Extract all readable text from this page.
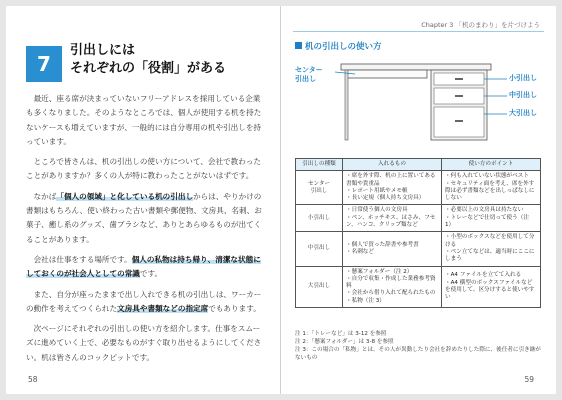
7
引出しには
それぞれの「役割」がある

最近、座る席が決まっていないフリーアドレスを採用している企業も多くなりました。そのようなところでは、個人が使用する机を持たないケースも増えていますが、一般的には自分専用の机や引出しを持っています。

ところで皆さんは、机の引出しの使い方について、会社で教わったことがありますか？多くの人が特に教わったことがないはずです。

なかば「個人の領域」と化している机の引出しからは、やりかけの書類はもちろん、使い終わった古い書類や郵便物、文房具、名刺、お菓子、癒し系のグッズ、歯ブラシなど、ありとあらゆるものが出てくることがあります。

会社は仕事をする場所です。個人の私物は持ち帰り、清潔な状態にしておくのが社会人としての常識です。

また、自分が座ったままで出し入れできる机の引出しは、ワーカーの動作を考えてつくられた文房具や書類などの指定席でもあります。

次ページにそれぞれの引出しの使い方を紹介します。仕事をスムーズに進めていく上で、必要なものがすぐ取り出せるようにしてください。机は皆さんのコックピットです。

58
Chapter 3 「机のまわり」を片づけよう
机の引出しの使い方
センター
引出し	小引出し
中引出し
大引出し
引出しの種類	入れるもの	使い方のポイント
センター
引出し	・席を外す際、机の上に置いてある書類や貴重品
・レポート用紙やメモ帳
・長い定規（個人持ち文房具）	・何も入れていない状態がベスト
・セキュリティ面を考え、席を外す際は必ず書類などを出しっぱなしにしない
小引出し	・日常使う個人の文房具
・ペン、ホッチキス、はさみ、フセン、ハンコ、クリップ類など	・必要以上の文房具は持たない
・トレーなどで仕切って使う（注 1）
中引出し	・個人で買った辞書や参考書
・名刺など	・小型のボックスなどを使用して分ける
・ペン立てなどは、適当時にここにしまう
大引出し	・懸案フォルダー（注 2）
・自分で収集・作成した業務参考資料
・会社から借り入れて配られたもの
・私物（注 3）	・A4 ファイルを立てて入れる
・A4 横型のボックスファイルなどを使用して、区分けすると使いやすい
注 1：「トレーなど」は 3-12 を参照
注 2：「懸案フォルダー」は 3-8 を参照
注 3：この場合の「私物」とは、その人が異動したり会社を辞めたりした際に、後任者に引き継がないもの
59
